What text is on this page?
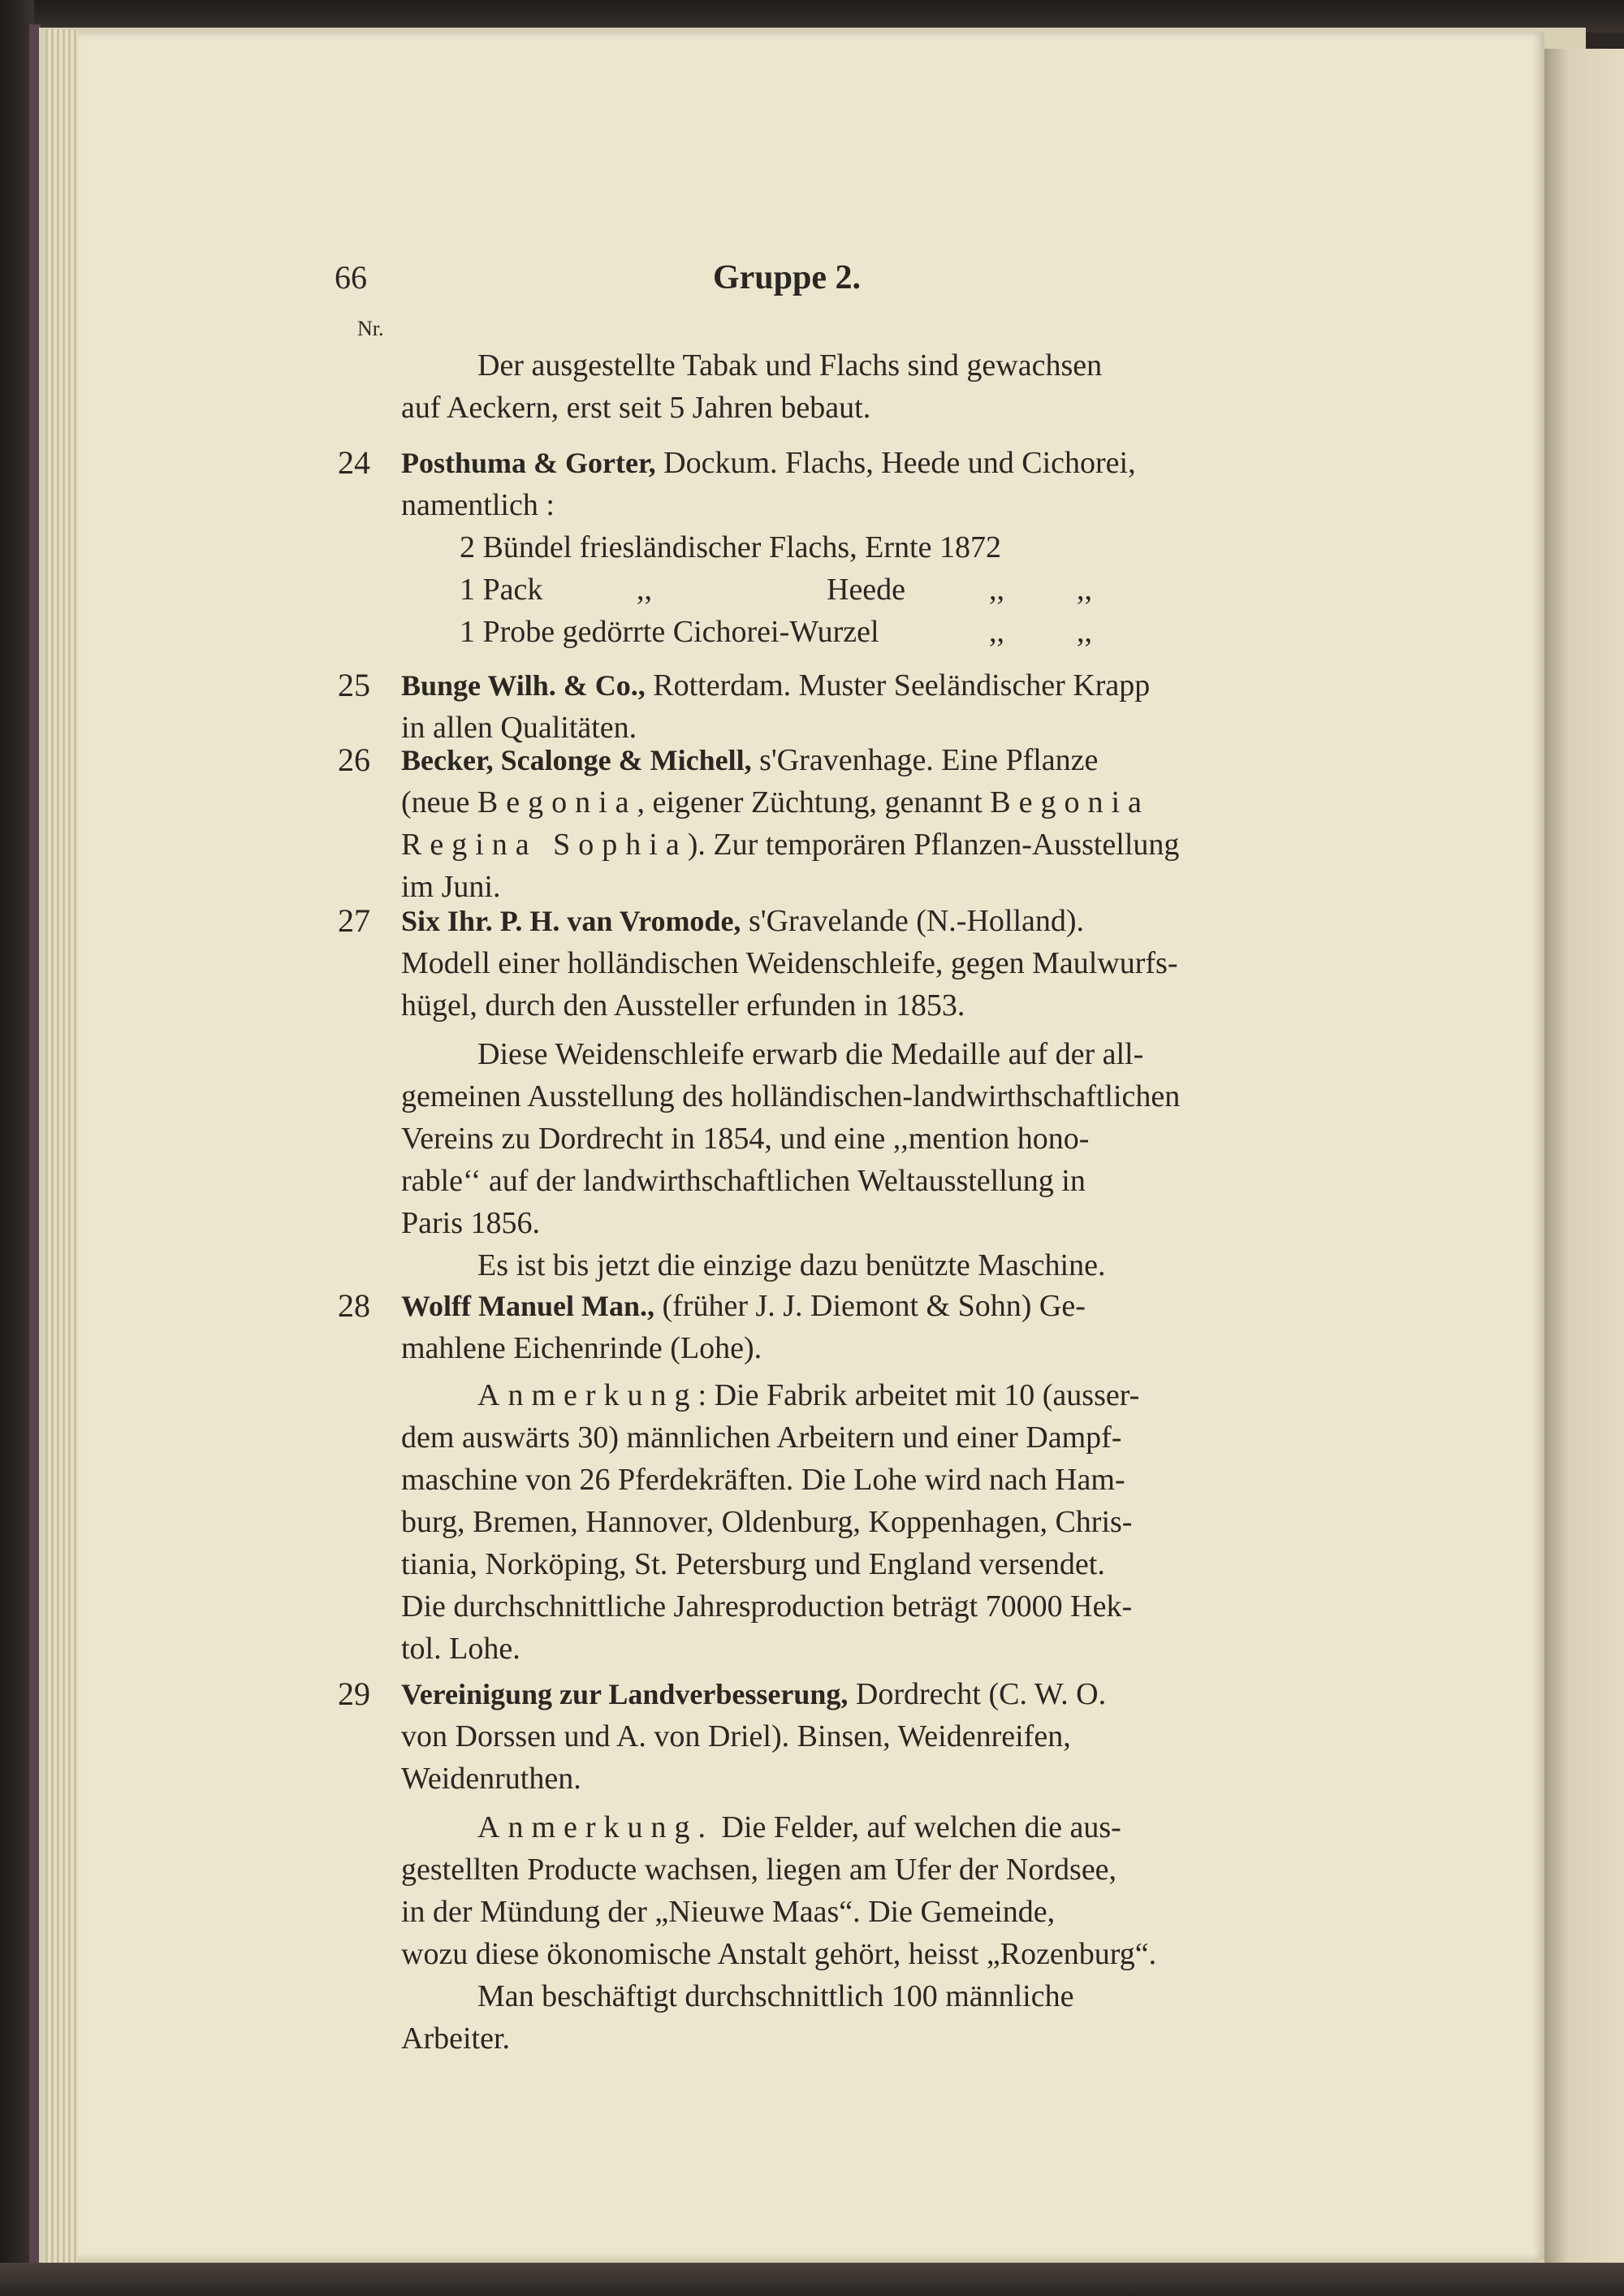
66	Gruppe 2.
Nr.
Der ausgestellte Tabak und Flachs sind gewachsen
auf Aeckern, erst seit 5 Jahren bebaut.
24 Posthuma & Gorter, Dockum. Flachs, Heede und Cichorei,
namentlich :
2 Bündel friesländischer Flachs, Ernte 1872
1 Pack	,,	Heede	,, ,,
1 Probe gedörrte Cichorei-Wurzel	,, ,,
25 Bunge Wilh. & Co., Rotterdam. Muster Seeländischer Krapp
in allen Qualitäten.
26 Becker, Scalonge & Michell, s'Gravenhage. Eine Pflanze
(neue Begonia, eigener Züchtung, genannt Begonia
Regina Sophia). Zur temporären Pflanzen-Ausstellung
im Juni.
27 Six Ihr. P. H. van Vromode, s'Gravelande (N.-Holland).
Modell einer holländischen Weidenschleife, gegen Maulwurfs-
hügel, durch den Aussteller erfunden in 1853.
Diese Weidenschleife erwarb die Medaille auf der all-
gemeinen Ausstellung des holländischen-landwirthschaftlichen
Vereins zu Dordrecht in 1854, und eine ,,mention hono-
rable‘‘ auf der landwirthschaftlichen Weltausstellung in
Paris 1856.
Es ist bis jetzt die einzige dazu benützte Maschine.
28 Wolff Manuel Man., (früher J. J. Diemont & Sohn) Ge-
mahlene Eichenrinde (Lohe).
Anmerkung: Die Fabrik arbeitet mit 10 (ausser-
dem auswärts 30) männlichen Arbeitern und einer Dampf-
maschine von 26 Pferdekräften. Die Lohe wird nach Ham-
burg, Bremen, Hannover, Oldenburg, Koppenhagen, Chris-
tiania, Norköping, St. Petersburg und England versendet.
Die durchschnittliche Jahresproduction beträgt 70000 Hek-
tol. Lohe.
29 Vereinigung zur Landverbesserung, Dordrecht (C. W. O.
von Dorssen und A. von Driel). Binsen, Weidenreifen,
Weidenruthen.
Anmerkung. Die Felder, auf welchen die aus-
gestellten Producte wachsen, liegen am Ufer der Nordsee,
in der Mündung der „Nieuwe Maas“. Die Gemeinde,
wozu diese ökonomische Anstalt gehört, heisst „Rozenburg“.
Man beschäftigt durchschnittlich 100 männliche
Arbeiter.
